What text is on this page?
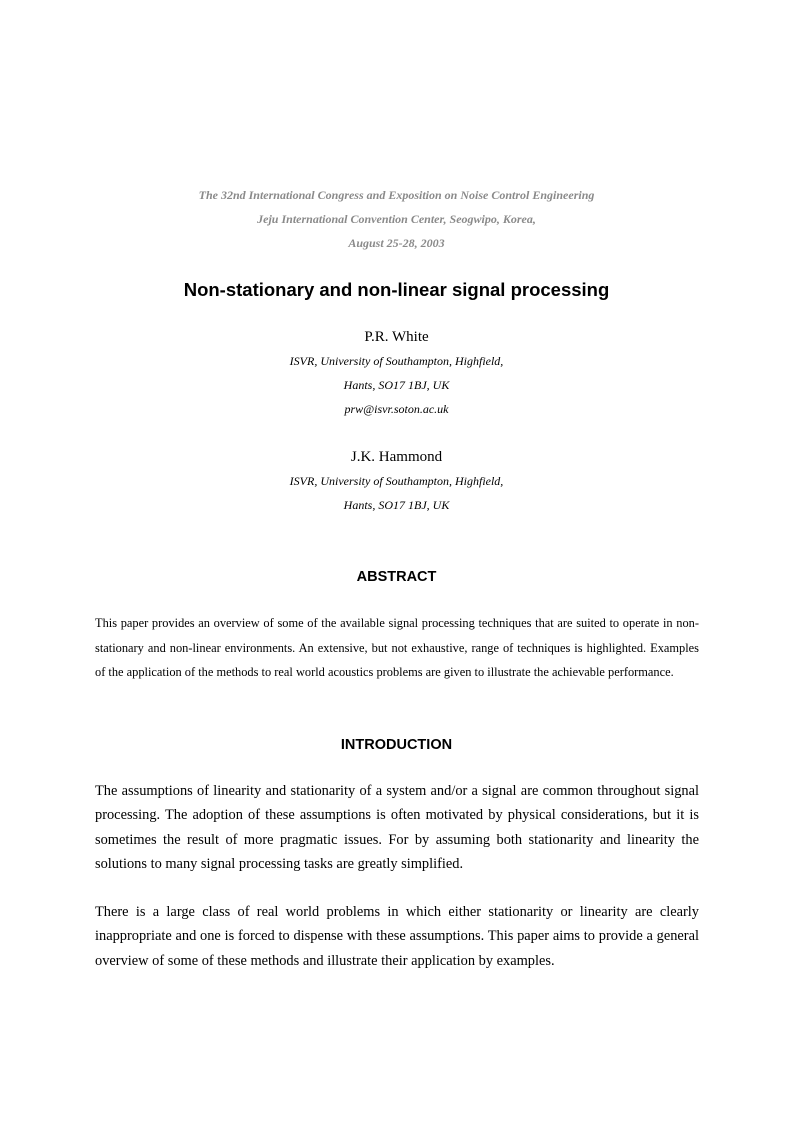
The 32nd International Congress and Exposition on Noise Control Engineering
Jeju International Convention Center, Seogwipo, Korea,
August 25-28, 2003
Non-stationary and non-linear signal processing
P.R. White
ISVR, University of Southampton, Highfield,
Hants, SO17 1BJ, UK
prw@isvr.soton.ac.uk
J.K. Hammond
ISVR, University of Southampton, Highfield,
Hants, SO17 1BJ, UK
ABSTRACT
This paper provides an overview of some of the available signal processing techniques that are suited to operate in non-stationary and non-linear environments. An extensive, but not exhaustive, range of techniques is highlighted. Examples of the application of the methods to real world acoustics problems are given to illustrate the achievable performance.
INTRODUCTION
The assumptions of linearity and stationarity of a system and/or a signal are common throughout signal processing. The adoption of these assumptions is often motivated by physical considerations, but it is sometimes the result of more pragmatic issues. For by assuming both stationarity and linearity the solutions to many signal processing tasks are greatly simplified.
There is a large class of real world problems in which either stationarity or linearity are clearly inappropriate and one is forced to dispense with these assumptions. This paper aims to provide a general overview of some of these methods and illustrate their application by examples.
